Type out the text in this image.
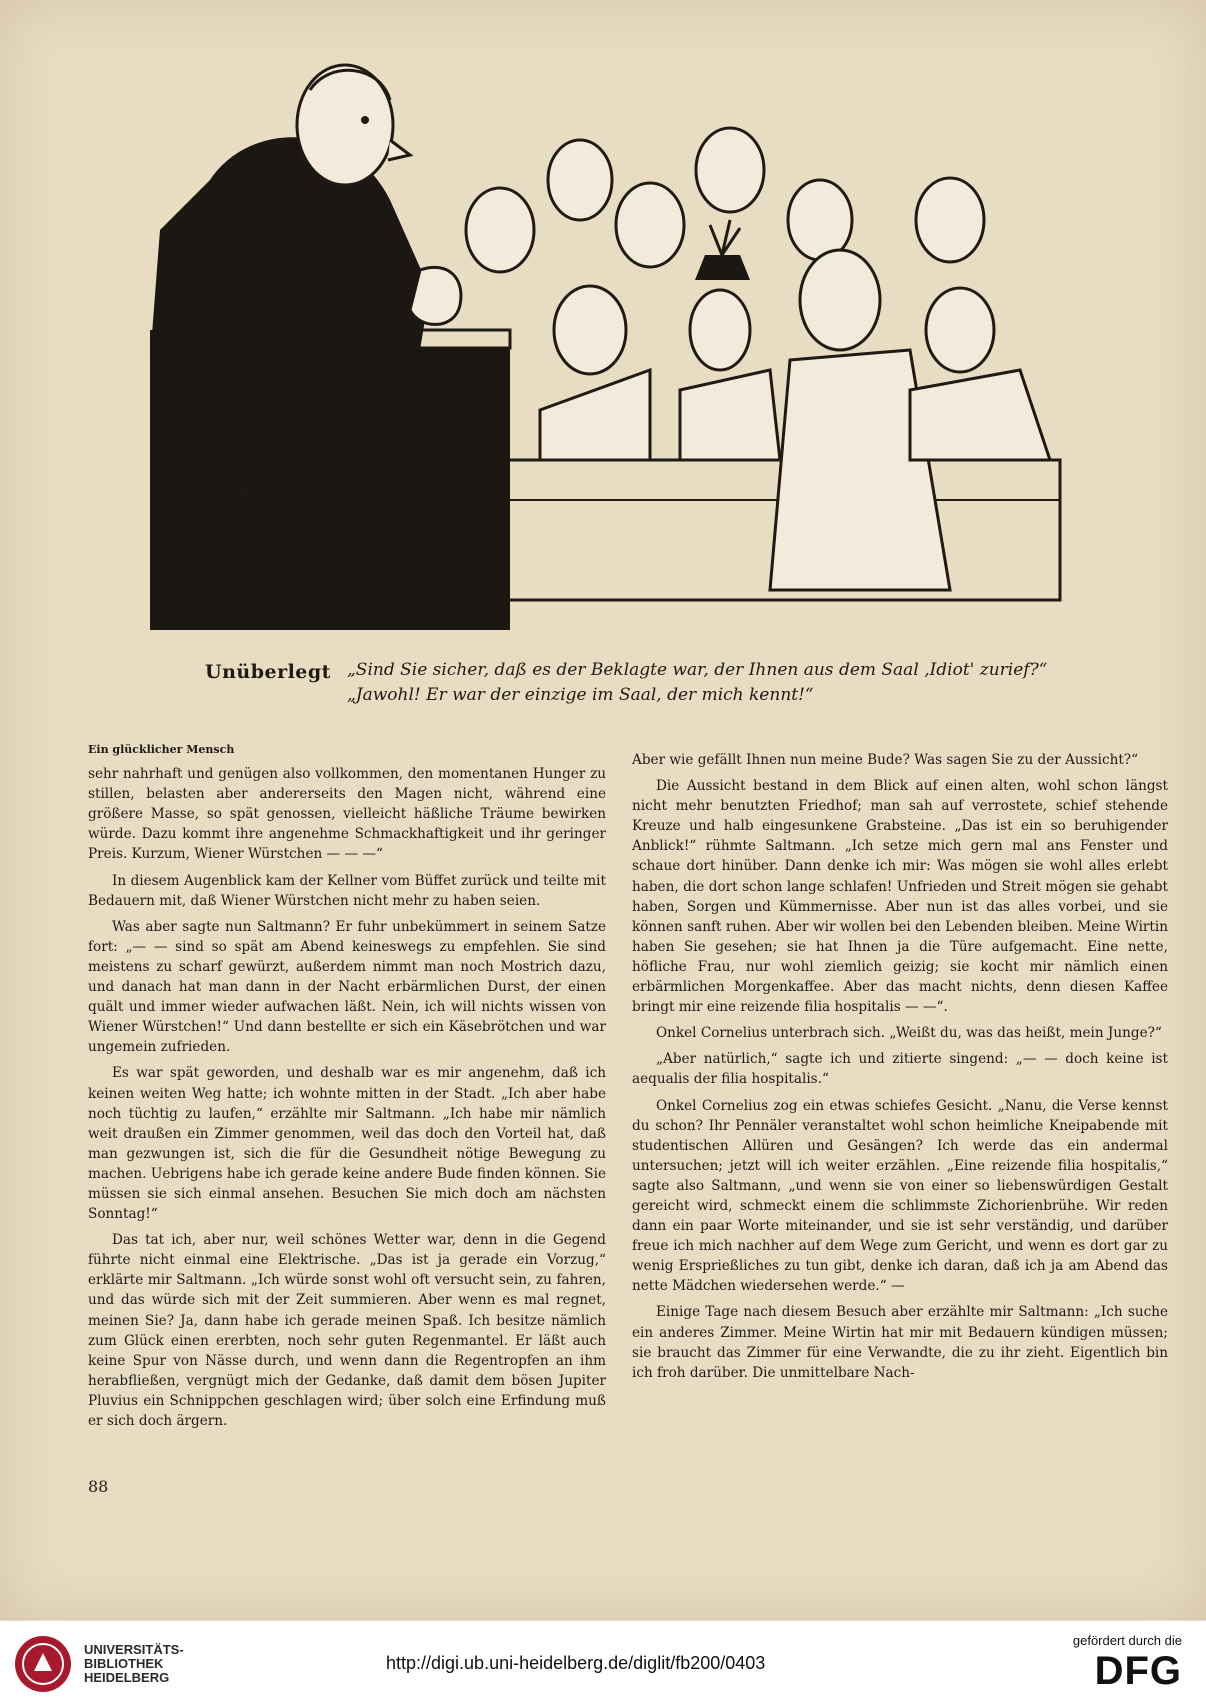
M.C.
Unüberlegt „Sind Sie sicher, daß es der Beklagte war, der Ihnen aus dem Saal ‚Idiot' zurief?“
„Jawohl! Er war der einzige im Saal, der mich kennt!“
Ein glücklicher Mensch

sehr nahrhaft und genügen also vollkommen, den momentanen Hunger zu stillen, belasten aber andererseits den Magen nicht, während eine größere Masse, so spät genossen, vielleicht häßliche Träume bewirken würde. Dazu kommt ihre angenehme Schmackhaftigkeit und ihr geringer Preis. Kurzum, Wiener Würstchen — — —“

In diesem Augenblick kam der Kellner vom Büffet zurück und teilte mit Bedauern mit, daß Wiener Würstchen nicht mehr zu haben seien.

Was aber sagte nun Saltmann? Er fuhr unbekümmert in seinem Satze fort: „— — sind so spät am Abend keineswegs zu empfehlen. Sie sind meistens zu scharf gewürzt, außerdem nimmt man noch Mostrich dazu, und danach hat man dann in der Nacht erbärmlichen Durst, der einen quält und immer wieder aufwachen läßt. Nein, ich will nichts wissen von Wiener Würstchen!“ Und dann bestellte er sich ein Käsebrötchen und war ungemein zufrieden.

Es war spät geworden, und deshalb war es mir angenehm, daß ich keinen weiten Weg hatte; ich wohnte mitten in der Stadt. „Ich aber habe noch tüchtig zu laufen,“ erzählte mir Saltmann. „Ich habe mir nämlich weit draußen ein Zimmer genommen, weil das doch den Vorteil hat, daß man gezwungen ist, sich die für die Gesundheit nötige Bewegung zu machen. Uebrigens habe ich gerade keine andere Bude finden können. Sie müssen sie sich einmal ansehen. Besuchen Sie mich doch am nächsten Sonntag!“

Das tat ich, aber nur, weil schönes Wetter war, denn in die Gegend führte nicht einmal eine Elektrische. „Das ist ja gerade ein Vorzug,“ erklärte mir Saltmann. „Ich würde sonst wohl oft versucht sein, zu fahren, und das würde sich mit der Zeit summieren. Aber wenn es mal regnet, meinen Sie? Ja, dann habe ich gerade meinen Spaß. Ich besitze nämlich zum Glück einen ererbten, noch sehr guten Regenmantel. Er läßt auch keine Spur von Nässe durch, und wenn dann die Regentropfen an ihm herabfließen, vergnügt mich der Gedanke, daß damit dem bösen Jupiter Pluvius ein Schnippchen geschlagen wird; über solch eine Erfindung muß er sich doch ärgern.

Aber wie gefällt Ihnen nun meine Bude? Was sagen Sie zu der Aussicht?“

Die Aussicht bestand in dem Blick auf einen alten, wohl schon längst nicht mehr benutzten Friedhof; man sah auf verrostete, schief stehende Kreuze und halb eingesunkene Grabsteine. „Das ist ein so beruhigender Anblick!“ rühmte Saltmann. „Ich setze mich gern mal ans Fenster und schaue dort hinüber. Dann denke ich mir: Was mögen sie wohl alles erlebt haben, die dort schon lange schlafen! Unfrieden und Streit mögen sie gehabt haben, Sorgen und Kümmernisse. Aber nun ist das alles vorbei, und sie können sanft ruhen. Aber wir wollen bei den Lebenden bleiben. Meine Wirtin haben Sie gesehen; sie hat Ihnen ja die Türe aufgemacht. Eine nette, höfliche Frau, nur wohl ziemlich geizig; sie kocht mir nämlich einen erbärmlichen Morgenkaffee. Aber das macht nichts, denn diesen Kaffee bringt mir eine reizende filia hospitalis — —“.

Onkel Cornelius unterbrach sich. „Weißt du, was das heißt, mein Junge?“

„Aber natürlich,“ sagte ich und zitierte singend: „— — doch keine ist aequalis der filia hospitalis.“

Onkel Cornelius zog ein etwas schiefes Gesicht. „Nanu, die Verse kennst du schon? Ihr Pennäler veranstaltet wohl schon heimliche Kneipabende mit studentischen Allüren und Gesängen? Ich werde das ein andermal untersuchen; jetzt will ich weiter erzählen. „Eine reizende filia hospitalis,“ sagte also Saltmann, „und wenn sie von einer so liebenswürdigen Gestalt gereicht wird, schmeckt einem die schlimmste Zichorienbrühe. Wir reden dann ein paar Worte miteinander, und sie ist sehr verständig, und darüber freue ich mich nachher auf dem Wege zum Gericht, und wenn es dort gar zu wenig Ersprießliches zu tun gibt, denke ich daran, daß ich ja am Abend das nette Mädchen wiedersehen werde.“ —

Einige Tage nach diesem Besuch aber erzählte mir Saltmann: „Ich suche ein anderes Zimmer. Meine Wirtin hat mir mit Bedauern kündigen müssen; sie braucht das Zimmer für eine Verwandte, die zu ihr zieht. Eigentlich bin ich froh darüber. Die unmittelbare Nach-

88
UNIVERSITÄTS-
BIBLIOTHEK
HEIDELBERG
http://digi.ub.uni-heidelberg.de/diglit/fb200/0403
gefördert durch die
DFG
